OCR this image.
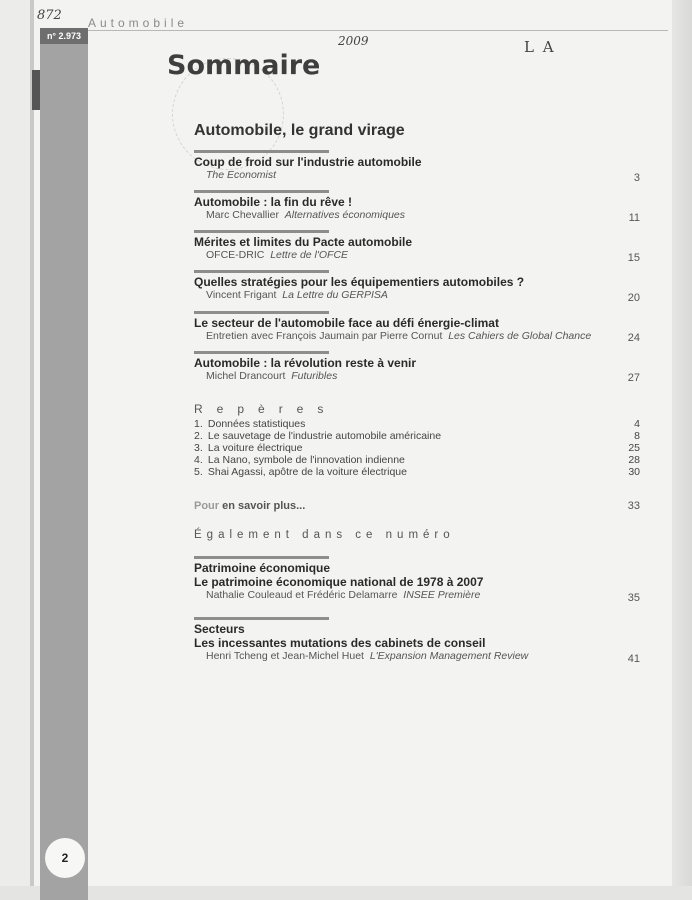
n° 2.973
Automobile
872
2009	L A
Sommaire
Automobile, le grand virage
Coup de froid sur l'industrie automobile
The Economist	3
Automobile : la fin du rêve !
Marc Chevallier Alternatives économiques	11
Mérites et limites du Pacte automobile
OFCE-DRIC Lettre de l'OFCE	15
Quelles stratégies pour les équipementiers automobiles ?
Vincent Frigant La Lettre du GERPISA	20
Le secteur de l'automobile face au défi énergie-climat
Entretien avec François Jaumain par Pierre Cornut Les Cahiers de Global Chance	24
Automobile : la révolution reste à venir
Michel Drancourt Futuribles	27
Repères
1. Données statistiques	4
2. Le sauvetage de l'industrie automobile américaine	8
3. La voiture électrique	25
4. La Nano, symbole de l'innovation indienne	28
5. Shai Agassi, apôtre de la voiture électrique	30
Pour en savoir plus...	33
Également dans ce numéro
Patrimoine économique
Le patrimoine économique national de 1978 à 2007
Nathalie Couleaud et Frédéric Delamarre INSEE Première	35
Secteurs
Les incessantes mutations des cabinets de conseil
Henri Tcheng et Jean-Michel Huet L'Expansion Management Review	41
2
